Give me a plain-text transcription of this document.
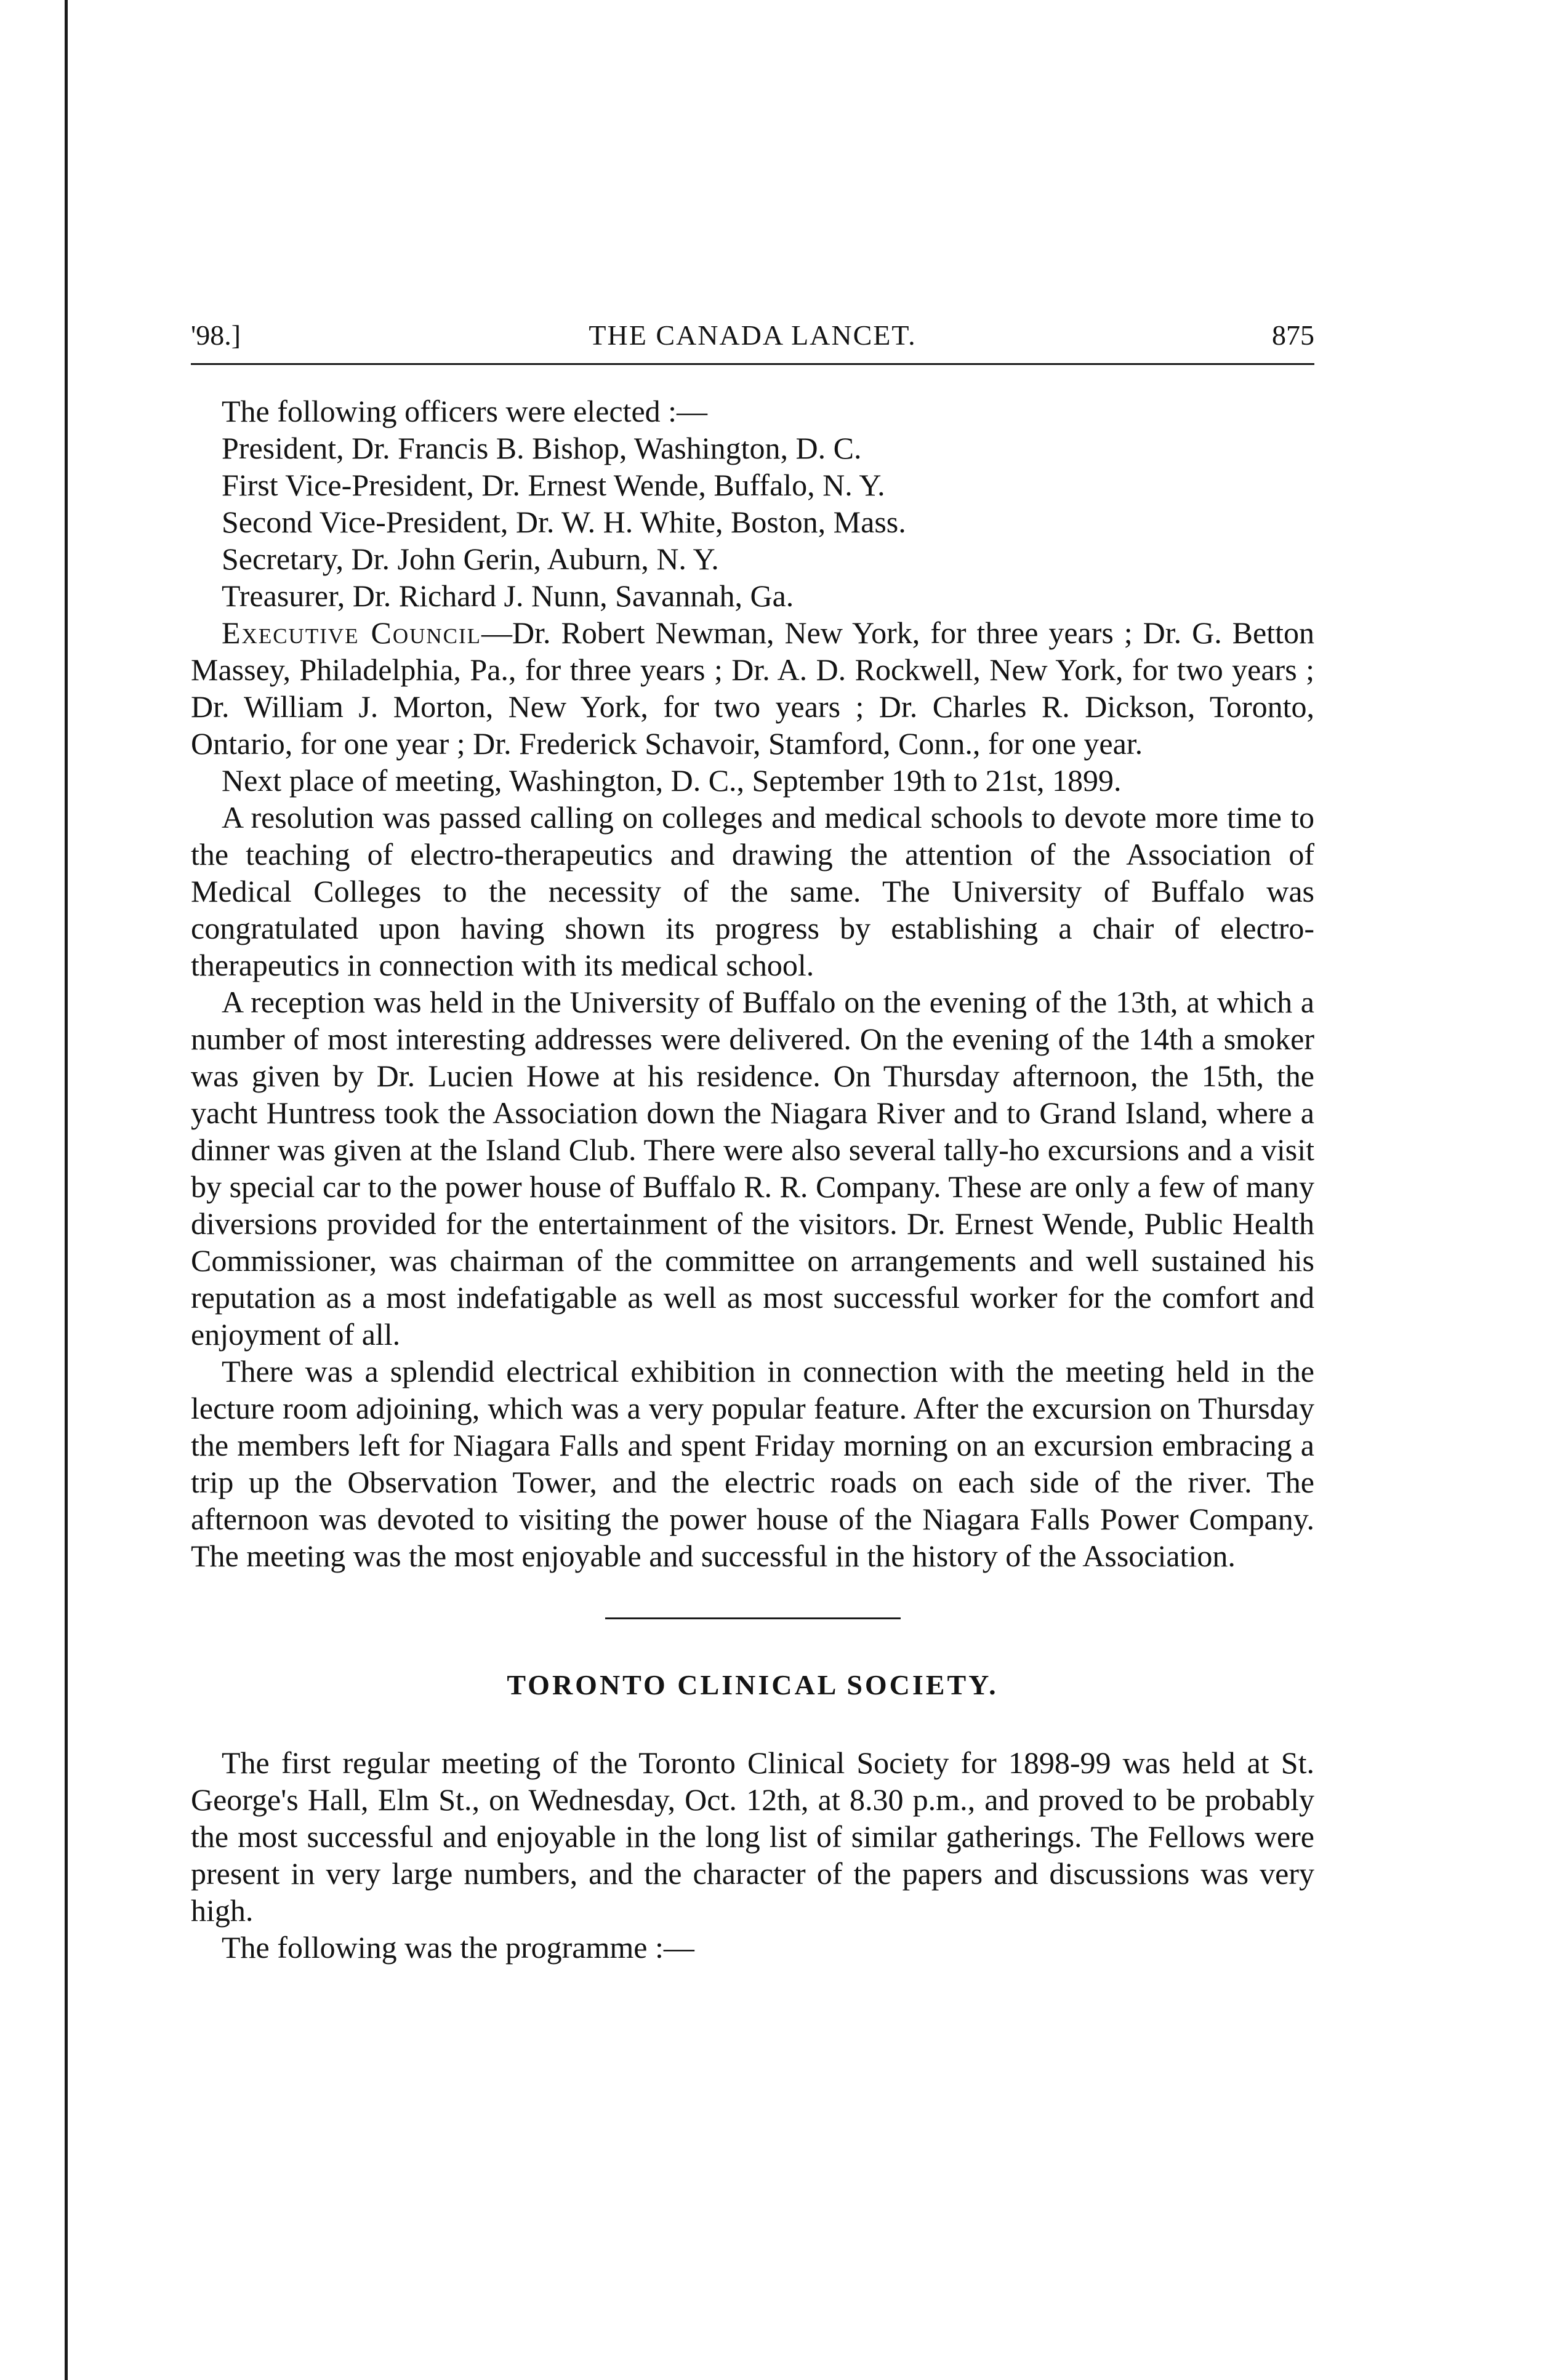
'98.]	THE CANADA LANCET.	875
The following officers were elected :—
President, Dr. Francis B. Bishop, Washington, D. C.
First Vice-President, Dr. Ernest Wende, Buffalo, N. Y.
Second Vice-President, Dr. W. H. White, Boston, Mass.
Secretary, Dr. John Gerin, Auburn, N. Y.
Treasurer, Dr. Richard J. Nunn, Savannah, Ga.

Executive Council—Dr. Robert Newman, New York, for three years ; Dr. G. Betton Massey, Philadelphia, Pa., for three years ; Dr. A. D. Rockwell, New York, for two years ; Dr. William J. Morton, New York, for two years ; Dr. Charles R. Dickson, Toronto, Ontario, for one year ; Dr. Frederick Schavoir, Stamford, Conn., for one year.

Next place of meeting, Washington, D. C., September 19th to 21st, 1899.

A resolution was passed calling on colleges and medical schools to devote more time to the teaching of electro-therapeutics and drawing the attention of the Association of Medical Colleges to the necessity of the same. The University of Buffalo was congratulated upon having shown its progress by establishing a chair of electro-therapeutics in connection with its medical school.

A reception was held in the University of Buffalo on the evening of the 13th, at which a number of most interesting addresses were delivered. On the evening of the 14th a smoker was given by Dr. Lucien Howe at his residence. On Thursday afternoon, the 15th, the yacht Huntress took the Association down the Niagara River and to Grand Island, where a dinner was given at the Island Club. There were also several tally-ho excursions and a visit by special car to the power house of Buffalo R. R. Company. These are only a few of many diversions provided for the entertainment of the visitors. Dr. Ernest Wende, Public Health Commissioner, was chairman of the committee on arrangements and well sustained his reputation as a most indefatigable as well as most successful worker for the comfort and enjoyment of all.

There was a splendid electrical exhibition in connection with the meeting held in the lecture room adjoining, which was a very popular feature. After the excursion on Thursday the members left for Niagara Falls and spent Friday morning on an excursion embracing a trip up the Observation Tower, and the electric roads on each side of the river. The afternoon was devoted to visiting the power house of the Niagara Falls Power Company. The meeting was the most enjoyable and successful in the history of the Association.

TORONTO CLINICAL SOCIETY.

The first regular meeting of the Toronto Clinical Society for 1898-99 was held at St. George's Hall, Elm St., on Wednesday, Oct. 12th, at 8.30 p.m., and proved to be probably the most successful and enjoyable in the long list of similar gatherings. The Fellows were present in very large numbers, and the character of the papers and discussions was very high.

The following was the programme :—
